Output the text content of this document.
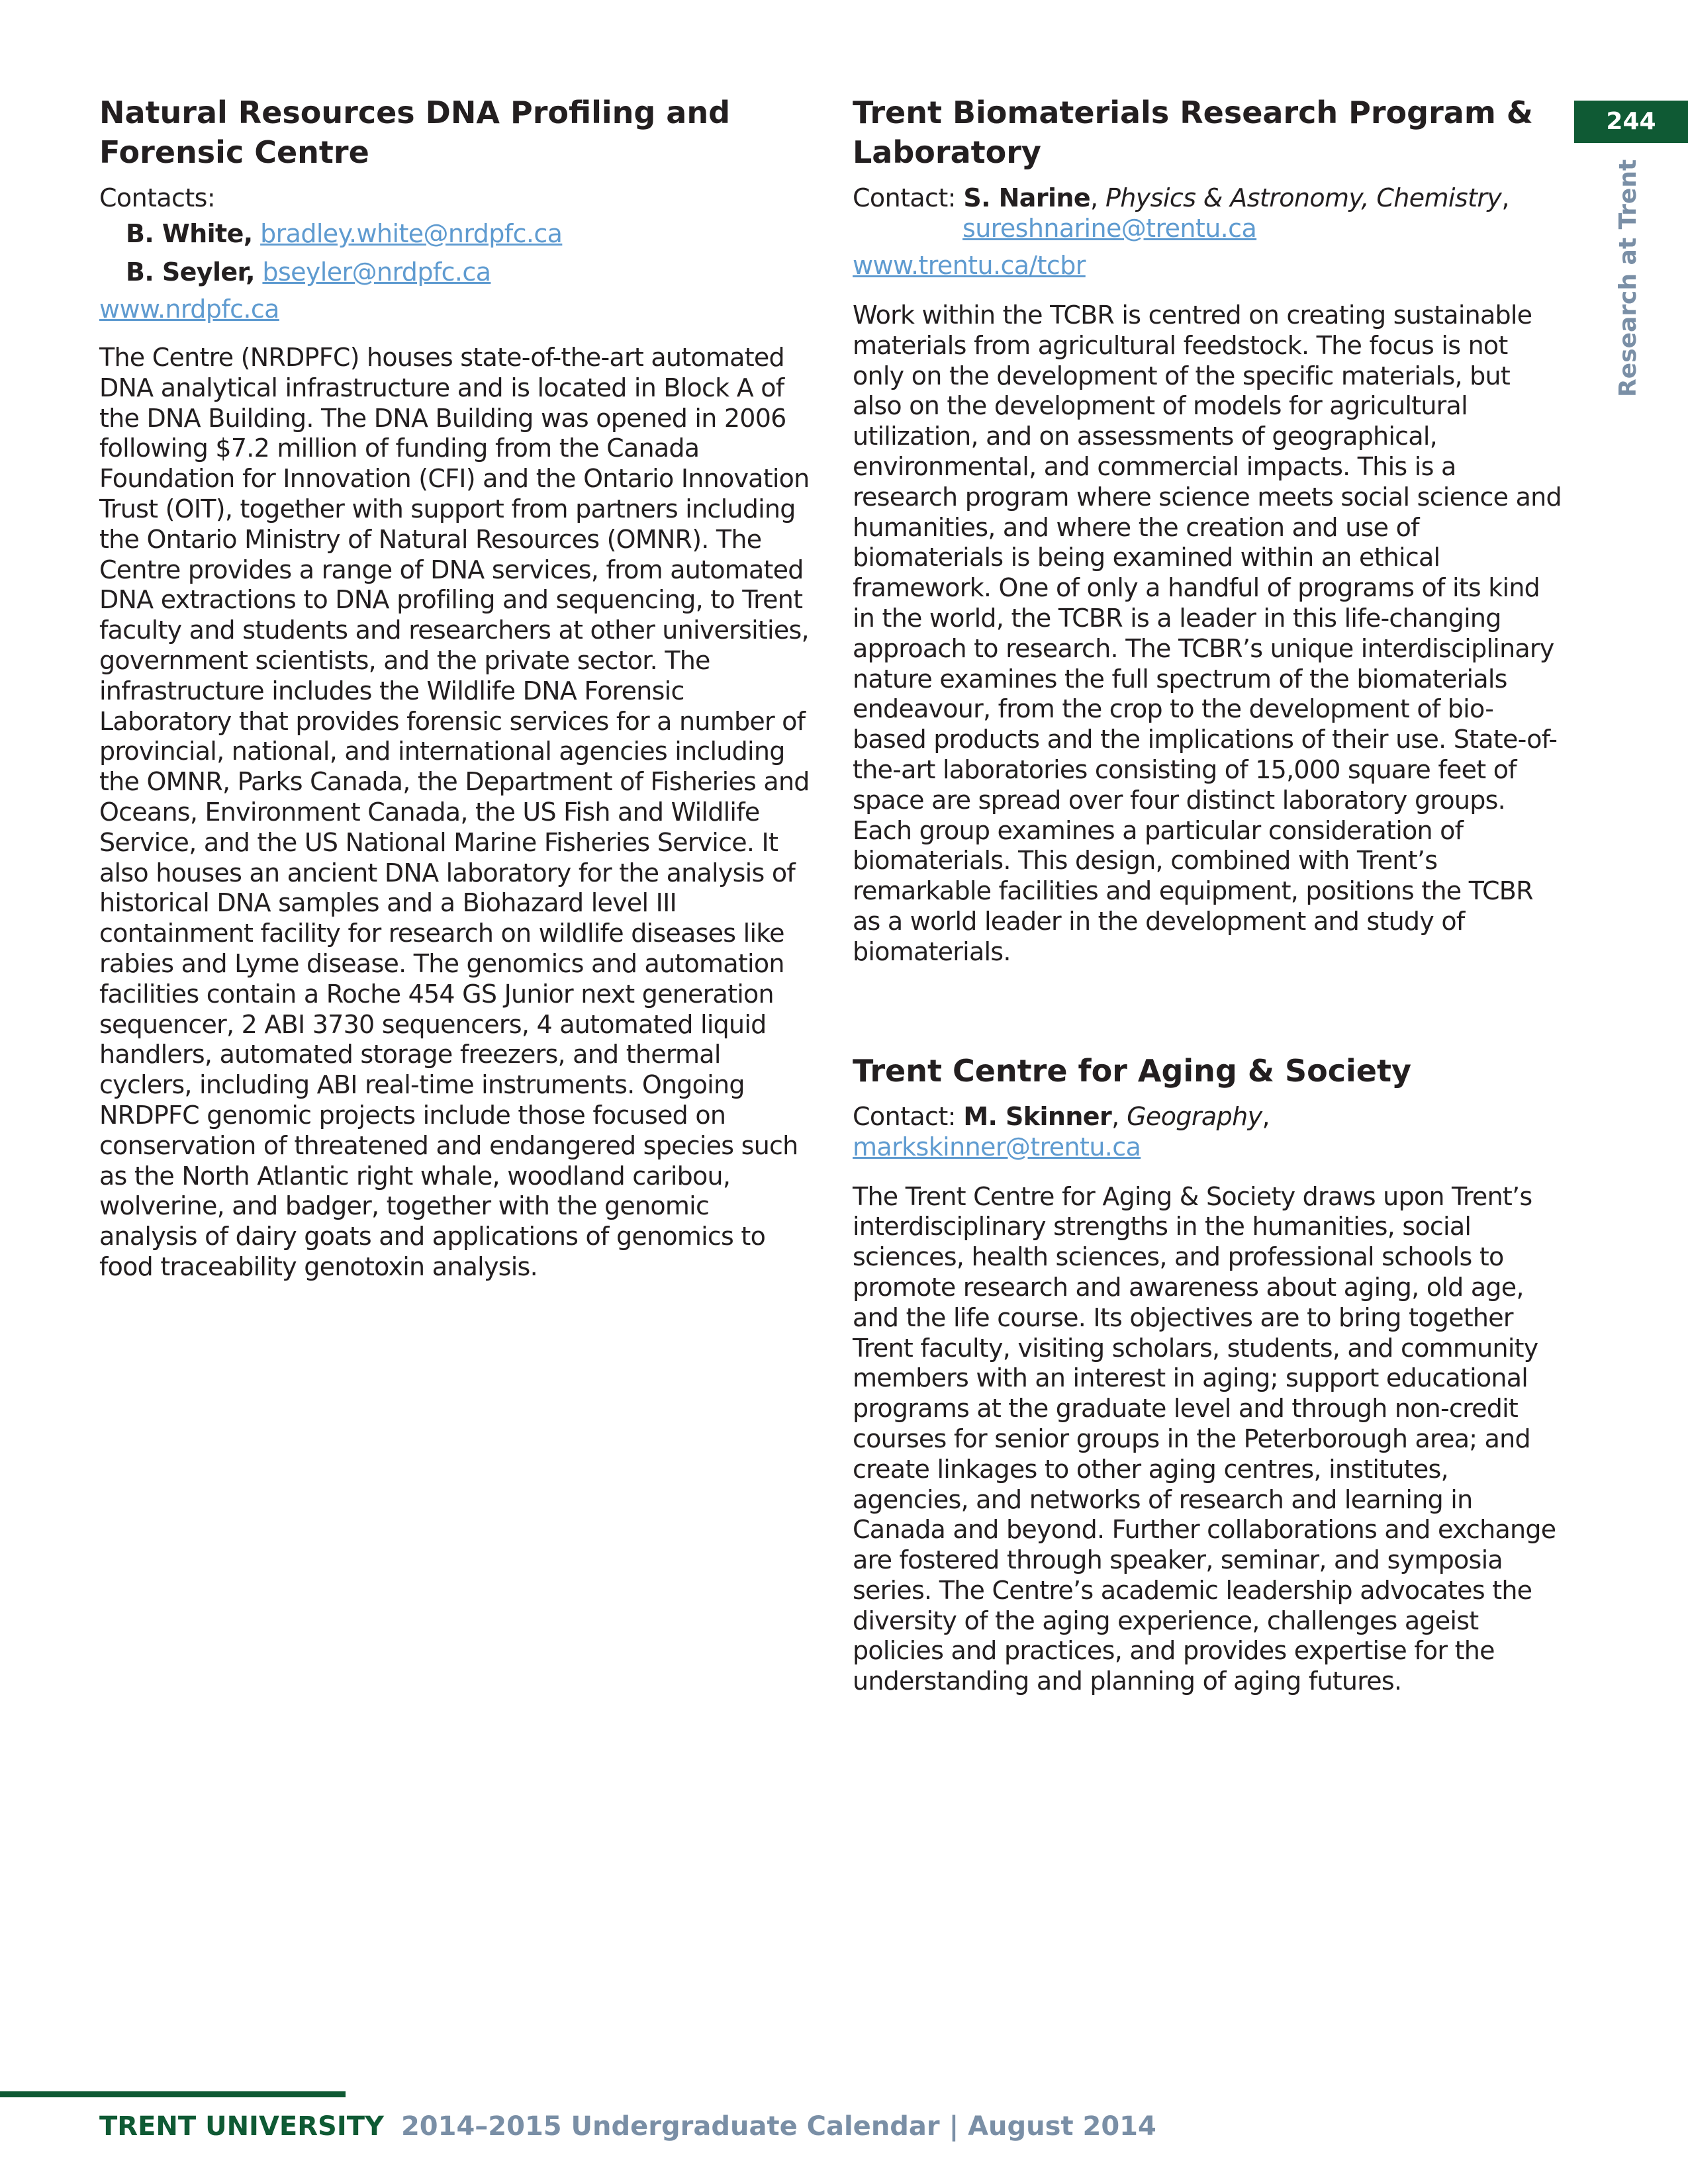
244
Research at Trent
Natural Resources DNA Profiling and Forensic Centre
Contacts:
B. White, bradley.white@nrdpfc.ca
B. Seyler, bseyler@nrdpfc.ca
www.nrdpfc.ca

The Centre (NRDPFC) houses state-of-the-art automated DNA analytical infrastructure and is located in Block A of the DNA Building. The DNA Building was opened in 2006 following $7.2 million of funding from the Canada Foundation for Innovation (CFI) and the Ontario Innovation Trust (OIT), together with support from partners including the Ontario Ministry of Natural Resources (OMNR). The Centre provides a range of DNA services, from automated DNA extractions to DNA profiling and sequencing, to Trent faculty and students and researchers at other universities, government scientists, and the private sector. The infrastructure includes the Wildlife DNA Forensic Laboratory that provides forensic services for a number of provincial, national, and international agencies including the OMNR, Parks Canada, the Department of Fisheries and Oceans, Environment Canada, the US Fish and Wildlife Service, and the US National Marine Fisheries Service. It also houses an ancient DNA laboratory for the analysis of historical DNA samples and a Biohazard level III containment facility for research on wildlife diseases like rabies and Lyme disease. The genomics and automation facilities contain a Roche 454 GS Junior next generation sequencer, 2 ABI 3730 sequencers, 4 automated liquid handlers, automated storage freezers, and thermal cyclers, including ABI real-time instruments. Ongoing NRDPFC genomic projects include those focused on conservation of threatened and endangered species such as the North Atlantic right whale, woodland caribou, wolverine, and badger, together with the genomic analysis of dairy goats and applications of genomics to food traceability genotoxin analysis.

Trent Biomaterials Research Program & Laboratory
Contact: S. Narine, Physics & Astronomy, Chemistry,
sureshnarine@trentu.ca
www.trentu.ca/tcbr

Work within the TCBR is centred on creating sustainable materials from agricultural feedstock. The focus is not only on the development of the specific materials, but also on the development of models for agricultural utilization, and on assessments of geographical, environmental, and commercial impacts. This is a research program where science meets social science and humanities, and where the creation and use of biomaterials is being examined within an ethical framework. One of only a handful of programs of its kind in the world, the TCBR is a leader in this life-changing approach to research. The TCBR’s unique interdisciplinary nature examines the full spectrum of the biomaterials endeavour, from the crop to the development of bio-based products and the implications of their use. State-of-the-art laboratories consisting of 15,000 square feet of space are spread over four distinct laboratory groups. Each group examines a particular consideration of biomaterials. This design, combined with Trent’s remarkable facilities and equipment, positions the TCBR as a world leader in the development and study of biomaterials.

Trent Centre for Aging & Society
Contact: M. Skinner, Geography, markskinner@trentu.ca

The Trent Centre for Aging & Society draws upon Trent’s interdisciplinary strengths in the humanities, social sciences, health sciences, and professional schools to promote research and awareness about aging, old age, and the life course. Its objectives are to bring together Trent faculty, visiting scholars, students, and community members with an interest in aging; support educational programs at the graduate level and through non-credit courses for senior groups in the Peterborough area; and create linkages to other aging centres, institutes, agencies, and networks of research and learning in Canada and beyond. Further collaborations and exchange are fostered through speaker, seminar, and symposia series. The Centre’s academic leadership advocates the diversity of the aging experience, challenges ageist policies and practices, and provides expertise for the understanding and planning of aging futures.

TRENT UNIVERSITY 2014–2015 Undergraduate Calendar | August 2014
